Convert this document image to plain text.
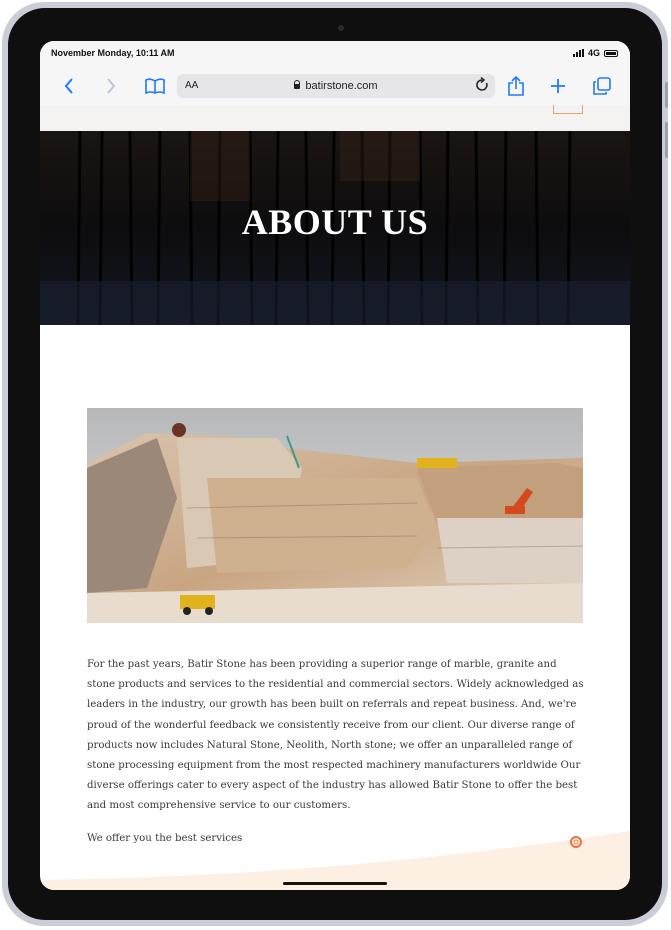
November Monday, 10:11 AM	4G
AA	batirstone.com
ABOUT US
For the past years, Batir Stone has been providing a superior range of marble, granite and stone products and services to the residential and commercial sectors. Widely acknowledged as leaders in the industry, our growth has been built on referrals and repeat business. And, we're proud of the wonderful feedback we consistently receive from our client. Our diverse range of products now includes Natural Stone, Neolith, North stone; we offer an unparalleled range of stone processing equipment from the most respected machinery manufacturers worldwide Our diverse offerings cater to every aspect of the industry has allowed Batir Stone to offer the best and most comprehensive service to our customers.
We offer you the best services
